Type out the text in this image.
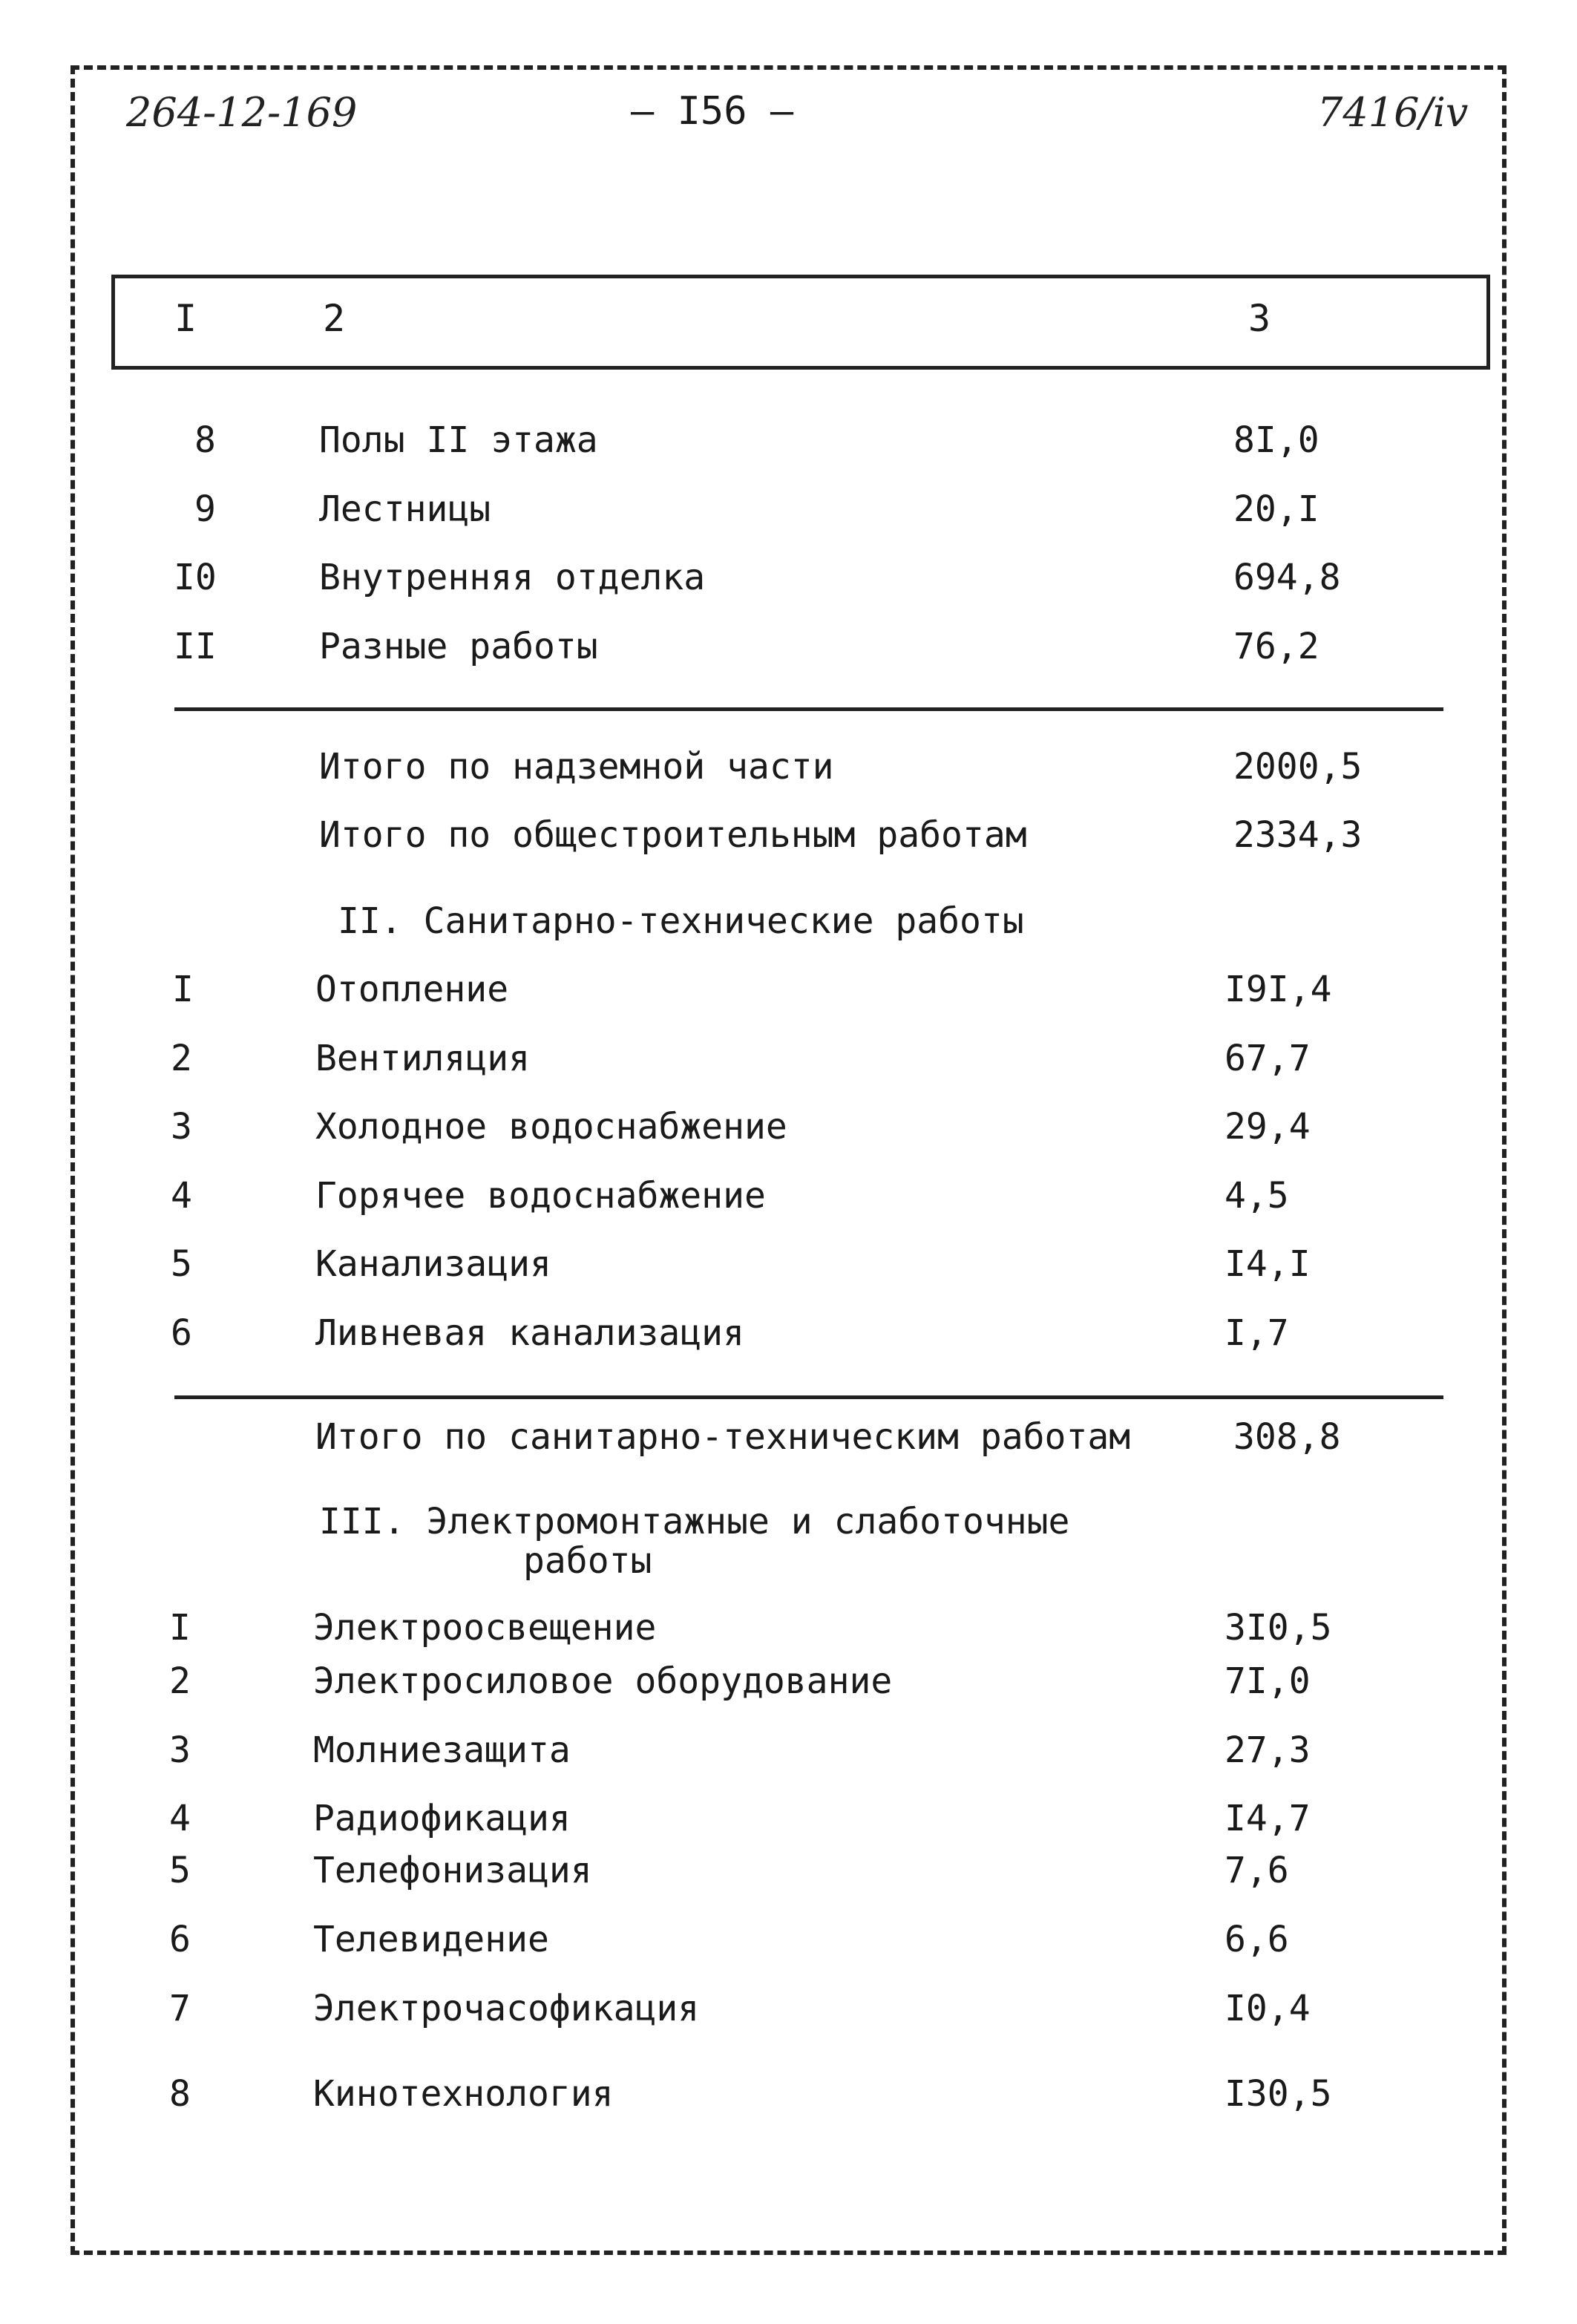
264-12-169	– I56 –	7416/iv
I	2	3
8	Полы II этажа	8I,0
9	Лестницы	20,I
I0	Внутренняя отделка	694,8
II	Разные работы	76,2
Итого по надземной части	2000,5
Итого по общестроительным работам	2334,3
II. Санитарно-технические работы
I	Отопление	I9I,4
2	Вентиляция	67,7
3	Холодное водоснабжение	29,4
4	Горячее водоснабжение	4,5
5	Канализация	I4,I
6	Ливневая канализация	I,7
Итого по санитарно-техническим работам	308,8
III. Электромонтажные и слаботочные
работы
I	Электроосвещение	3I0,5
2	Электросиловое оборудование	7I,0
3	Молниезащита	27,3
4	Радиофикация	I4,7
5	Телефонизация	7,6
6	Телевидение	6,6
7	Электрочасофикация	I0,4
8	Кинотехнология	I30,5
